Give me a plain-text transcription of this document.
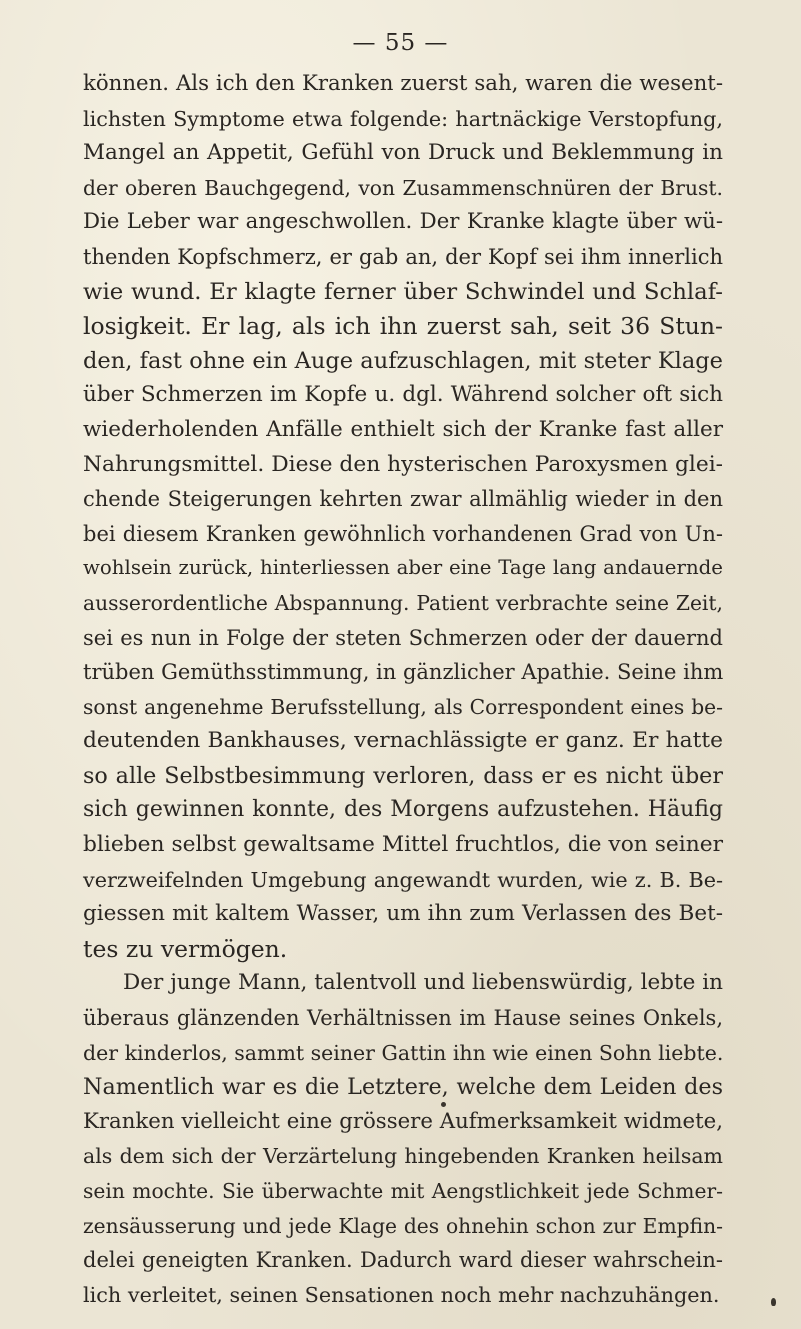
— 55 —
können. Als ich den Kranken zuerst sah, waren die wesent-
lichsten Symptome etwa folgende: hartnäckige Verstopfung,
Mangel an Appetit, Gefühl von Druck und Beklemmung in
der oberen Bauchgegend, von Zusammenschnüren der Brust.
Die Leber war angeschwollen. Der Kranke klagte über wü-
thenden Kopfschmerz, er gab an, der Kopf sei ihm innerlich
wie wund. Er klagte ferner über Schwindel und Schlaf-
losigkeit. Er lag, als ich ihn zuerst sah, seit 36 Stun-
den, fast ohne ein Auge aufzuschlagen, mit steter Klage
über Schmerzen im Kopfe u. dgl. Während solcher oft sich
wiederholenden Anfälle enthielt sich der Kranke fast aller
Nahrungsmittel. Diese den hysterischen Paroxysmen glei-
chende Steigerungen kehrten zwar allmählig wieder in den
bei diesem Kranken gewöhnlich vorhandenen Grad von Un-
wohlsein zurück, hinterliessen aber eine Tage lang andauernde
ausserordentliche Abspannung. Patient verbrachte seine Zeit,
sei es nun in Folge der steten Schmerzen oder der dauernd
trüben Gemüthsstimmung, in gänzlicher Apathie. Seine ihm
sonst angenehme Berufsstellung, als Correspondent eines be-
deutenden Bankhauses, vernachlässigte er ganz. Er hatte
so alle Selbstbesimmung verloren, dass er es nicht über
sich gewinnen konnte, des Morgens aufzustehen. Häufig
blieben selbst gewaltsame Mittel fruchtlos, die von seiner
verzweifelnden Umgebung angewandt wurden, wie z. B. Be-
giessen mit kaltem Wasser, um ihn zum Verlassen des Bet-
tes zu vermögen.
Der junge Mann, talentvoll und liebenswürdig, lebte in
überaus glänzenden Verhältnissen im Hause seines Onkels,
der kinderlos, sammt seiner Gattin ihn wie einen Sohn liebte.
Namentlich war es die Letztere, welche dem Leiden des
Kranken vielleicht eine grössere Aufmerksamkeit widmete,
als dem sich der Verzärtelung hingebenden Kranken heilsam
sein mochte. Sie überwachte mit Aengstlichkeit jede Schmer-
zensäusserung und jede Klage des ohnehin schon zur Empfin-
delei geneigten Kranken. Dadurch ward dieser wahrschein-
lich verleitet, seinen Sensationen noch mehr nachzuhängen.
